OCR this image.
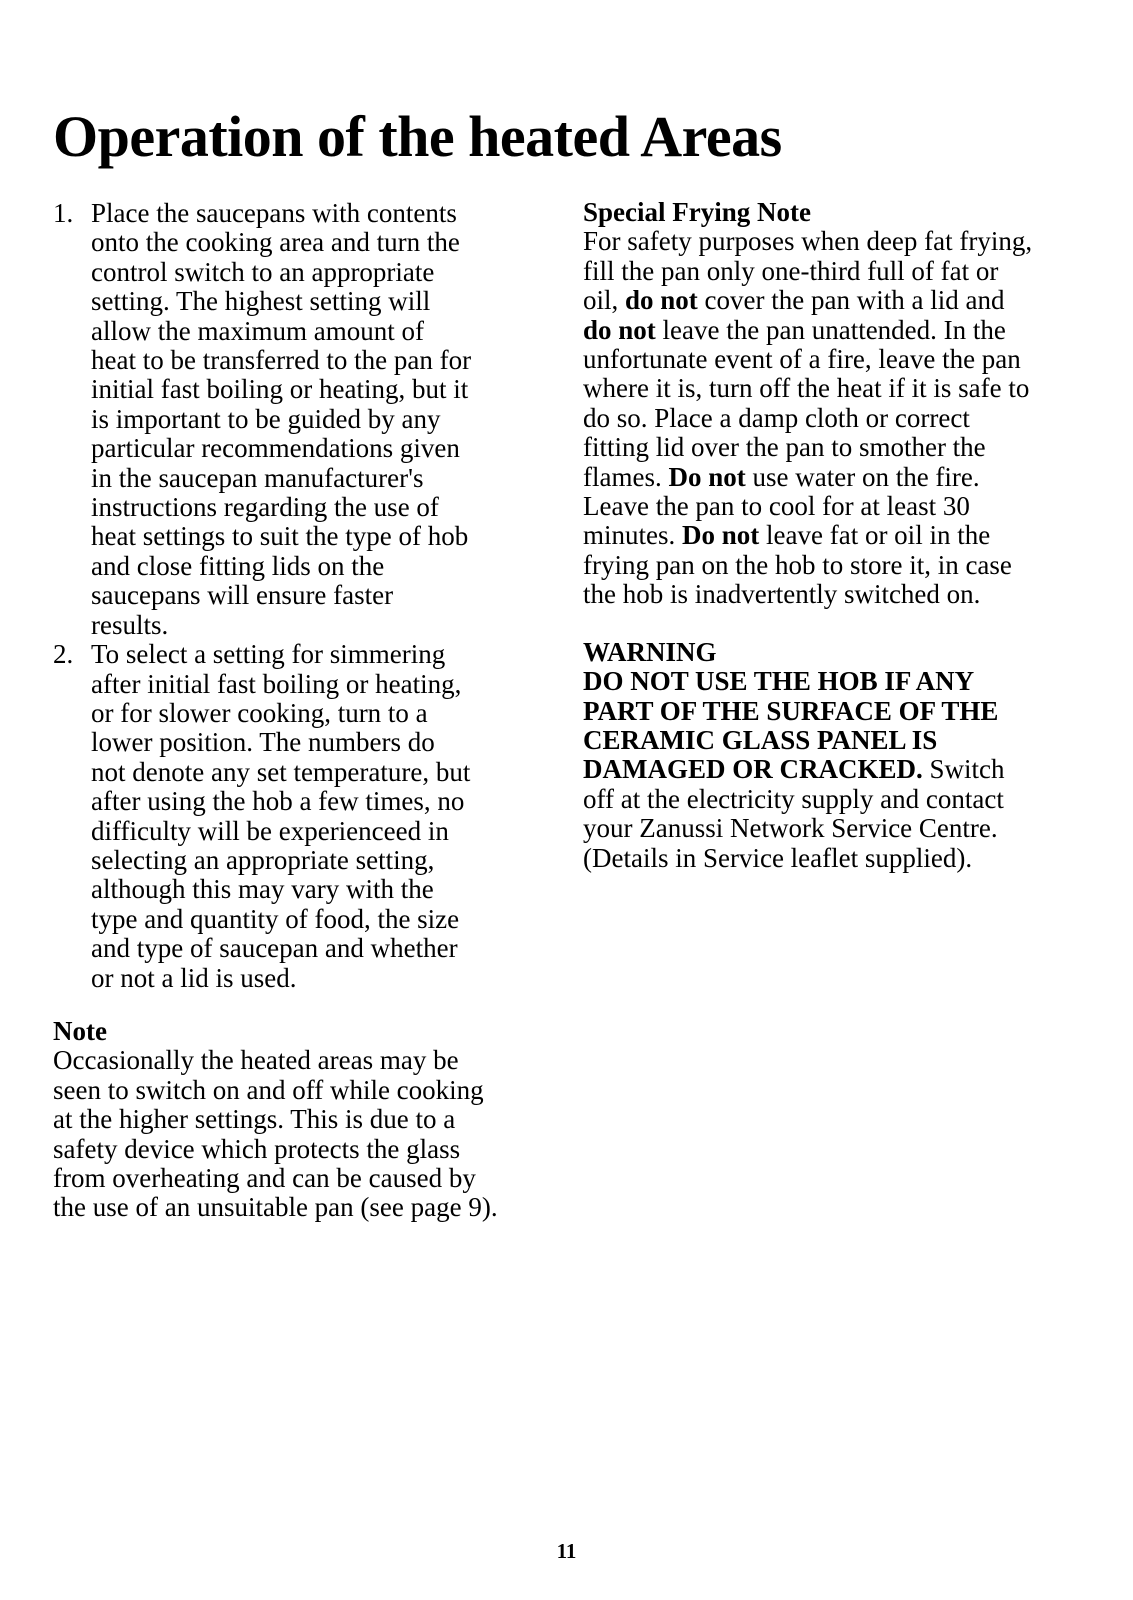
Operation of the heated Areas
1. Place the saucepans with contents
onto the cooking area and turn the
control switch to an appropriate
setting. The highest setting will
allow the maximum amount of
heat to be transferred to the pan for
initial fast boiling or heating, but it
is important to be guided by any
particular recommendations given
in the saucepan manufacturer's
instructions regarding the use of
heat settings to suit the type of hob
and close fitting lids on the
saucepans will ensure faster
results.
2. To select a setting for simmering
after initial fast boiling or heating,
or for slower cooking, turn to a
lower position. The numbers do
not denote any set temperature, but
after using the hob a few times, no
difficulty will be experienceed in
selecting an appropriate setting,
although this may vary with the
type and quantity of food, the size
and type of saucepan and whether
or not a lid is used.
Note
Occasionally the heated areas may be
seen to switch on and off while cooking
at the higher settings. This is due to a
safety device which protects the glass
from overheating and can be caused by
the use of an unsuitable pan (see page 9).
Special Frying Note
For safety purposes when deep fat frying,
fill the pan only one-third full of fat or
oil, do not cover the pan with a lid and
do not leave the pan unattended. In the
unfortunate event of a fire, leave the pan
where it is, turn off the heat if it is safe to
do so. Place a damp cloth or correct
fitting lid over the pan to smother the
flames. Do not use water on the fire.
Leave the pan to cool for at least 30
minutes. Do not leave fat or oil in the
frying pan on the hob to store it, in case
the hob is inadvertently switched on.
WARNING
DO NOT USE THE HOB IF ANY
PART OF THE SURFACE OF THE
CERAMIC GLASS PANEL IS
DAMAGED OR CRACKED. Switch
off at the electricity supply and contact
your Zanussi Network Service Centre.
(Details in Service leaflet supplied).
11
